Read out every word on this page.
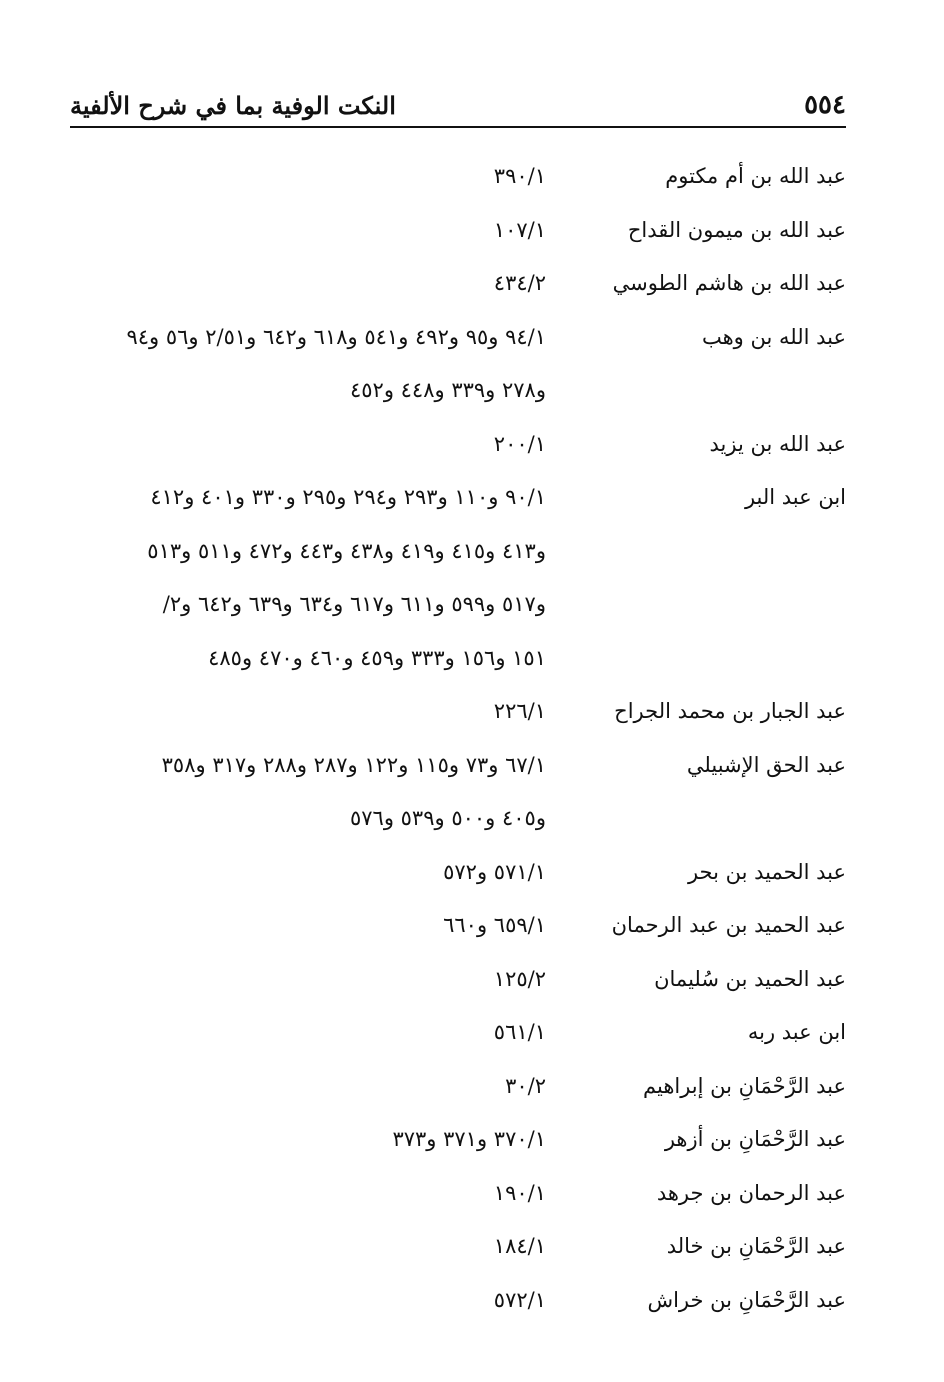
٥٥٤
النكت الوفية بما في شرح الألفية
عبد الله بن أم مكتوم
٣٩٠/١
عبد الله بن ميمون القداح
١٠٧/١
عبد الله بن هاشم الطوسي
٤٣٤/٢
عبد الله بن وهب
٩٤/١ و٩٥ و٤٩٢ و٥٤١ و٦١٨ و٦٤٢ و٢/٥١ و٥٦ و٩٤
و٢٧٨ و٣٣٩ و٤٤٨ و٤٥٢
عبد الله بن يزيد
٢٠٠/١
ابن عبد البر
٩٠/١ و١١٠ و٢٩٣ و٢٩٤ و٢٩٥ و٣٣٠ و٤٠١ و٤١٢
و٤١٣ و٤١٥ و٤١٩ و٤٣٨ و٤٤٣ و٤٧٢ و٥١١ و٥١٣
و٥١٧ و٥٩٩ و٦١١ و٦١٧ و٦٣٤ و٦٣٩ و٦٤٢ و٢/
١٥١ و١٥٦ و٣٣٣ و٤٥٩ و٤٦٠ و٤٧٠ و٤٨٥
عبد الجبار بن محمد الجراح
٢٢٦/١
عبد الحق الإشبيلي
٦٧/١ و٧٣ و١١٥ و١٢٢ و٢٨٧ و٢٨٨ و٣١٧ و٣٥٨
و٤٠٥ و٥٠٠ و٥٣٩ و٥٧٦
عبد الحميد بن بحر
٥٧١/١ و٥٧٢
عبد الحميد بن عبد الرحمان
٦٥٩/١ و٦٦٠
عبد الحميد بن سُليمان
١٢٥/٢
ابن عبد ربه
٥٦١/١
عبد الرَّحْمَانِ بن إبراهيم
٣٠/٢
عبد الرَّحْمَانِ بن أزهر
٣٧٠/١ و٣٧١ و٣٧٣
عبد الرحمان بن جرهد
١٩٠/١
عبد الرَّحْمَانِ بن خالد
١٨٤/١
عبد الرَّحْمَانِ بن خراش
٥٧٢/١
